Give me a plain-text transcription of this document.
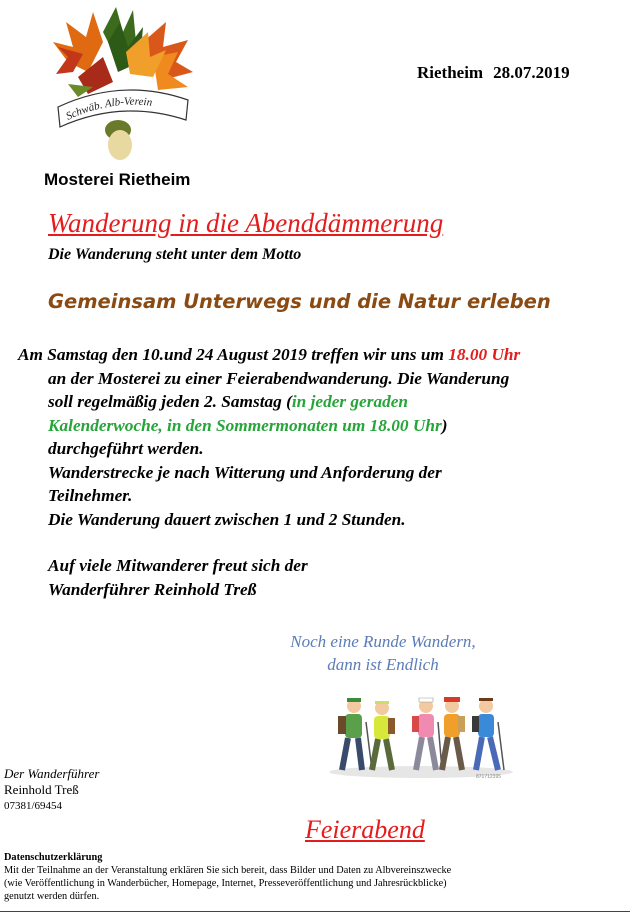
Schwäb. Alb-Verein
Mosterei Rietheim
Rietheim 28.07.2019
Wanderung in die Abenddämmerung
Die Wanderung steht unter dem Motto
Gemeinsam Unterwegs und die Natur erleben
Am Samstag den 10.und 24 August 2019 treffen wir uns um 18.00 Uhr
an der Mosterei zu einer Feierabendwanderung. Die Wanderung
soll regelmäßig jeden 2. Samstag (in jeder geraden
Kalenderwoche, in den Sommermonaten um 18.00 Uhr)
durchgeführt werden.
Wanderstrecke je nach Witterung und Anforderung der
Teilnehmer.
Die Wanderung dauert zwischen 1 und 2 Stunden.
Auf viele Mitwanderer freut sich der
Wanderführer Reinhold Treß
Noch eine Runde Wandern,
dann ist Endlich
871712395
Der Wanderführer
Reinhold Treß
07381/69454
Feierabend
Datenschutzerklärung
Mit der Teilnahme an der Veranstaltung erklären Sie sich bereit, dass Bilder und Daten zu Albvereinszwecke
(wie Veröffentlichung in Wanderbücher, Homepage, Internet, Presseveröffentlichung und Jahresrückblicke)
genutzt werden dürfen.
